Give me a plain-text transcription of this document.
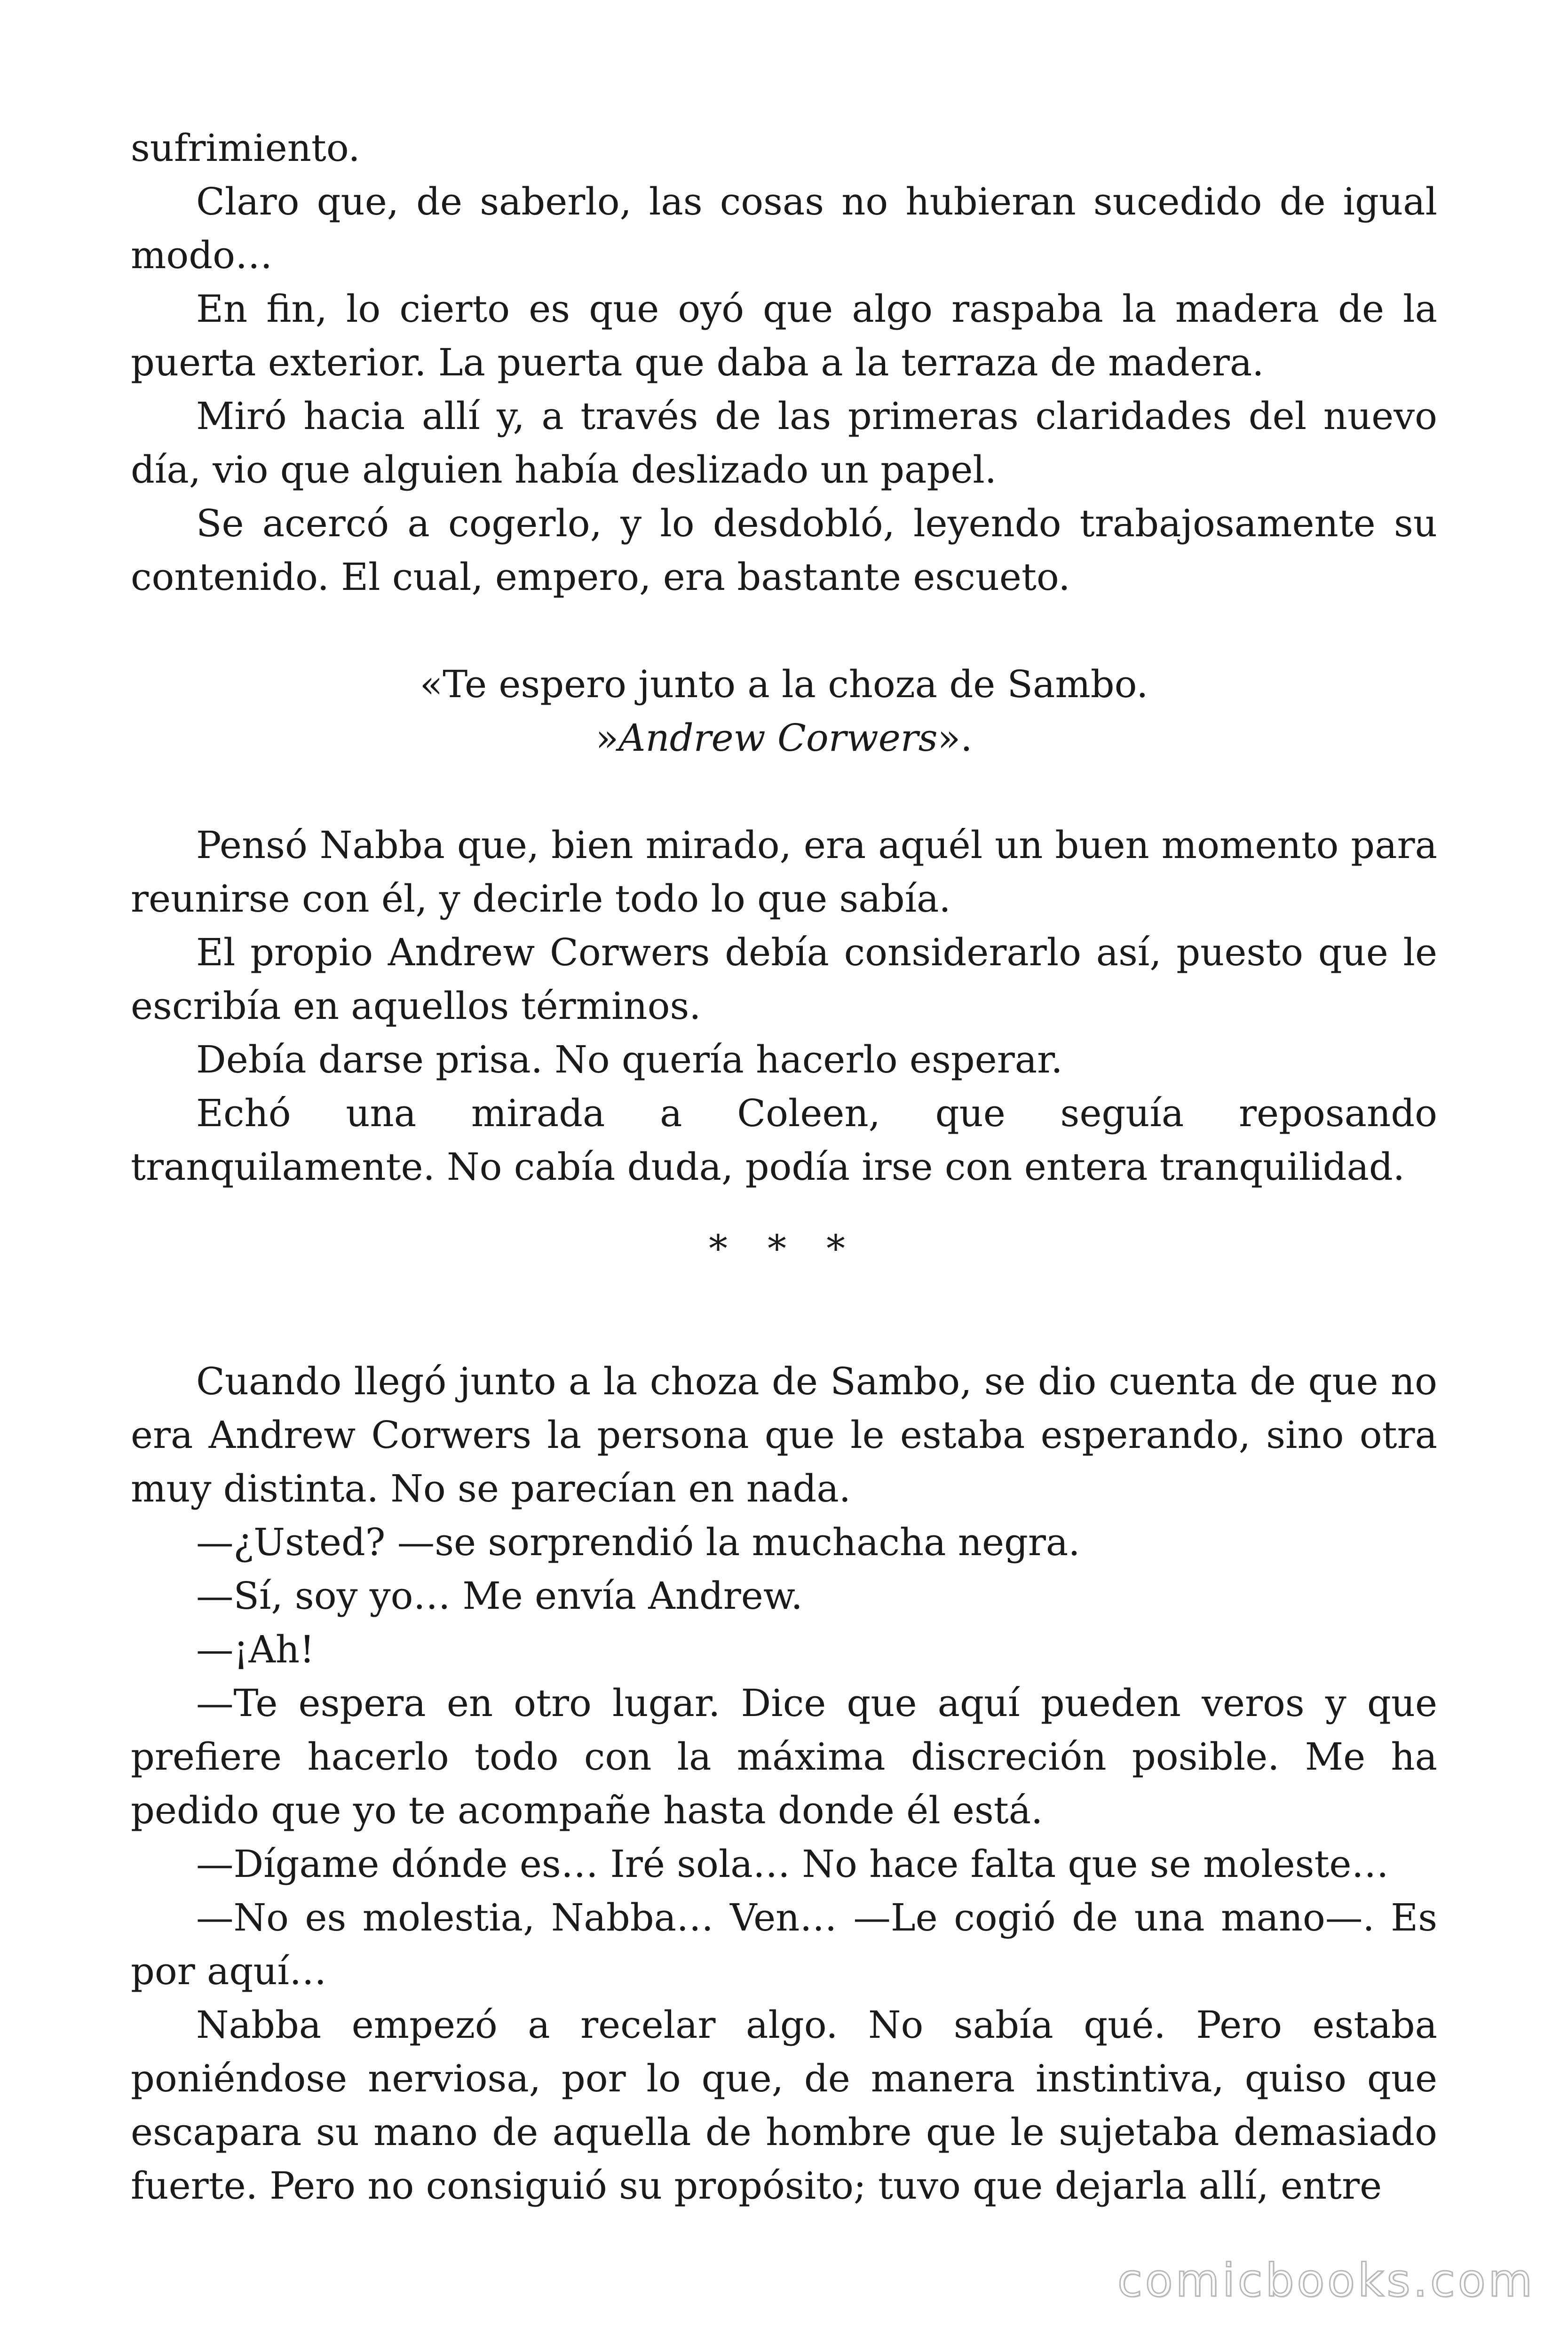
sufrimiento.

Claro que, de saberlo, las cosas no hubieran sucedido de igual modo…

En fin, lo cierto es que oyó que algo raspaba la madera de la puerta exterior. La puerta que daba a la terraza de madera.

Miró hacia allí y, a través de las primeras claridades del nuevo día, vio que alguien había deslizado un papel.

Se acercó a cogerlo, y lo desdobló, leyendo trabajosamente su contenido. El cual, empero, era bastante escueto.

«Te espero junto a la choza de Sambo.
»Andrew Corwers».

Pensó Nabba que, bien mirado, era aquél un buen momento para reunirse con él, y decirle todo lo que sabía.

El propio Andrew Corwers debía considerarlo así, puesto que le escribía en aquellos términos.

Debía darse prisa. No quería hacerlo esperar.

Echó una mirada a Coleen, que seguía reposando tranquilamente. No cabía duda, podía irse con entera tranquilidad.

* * *

Cuando llegó junto a la choza de Sambo, se dio cuenta de que no era Andrew Corwers la persona que le estaba esperando, sino otra muy distinta. No se parecían en nada.

—¿Usted? —se sorprendió la muchacha negra.

—Sí, soy yo… Me envía Andrew.

—¡Ah!

—Te espera en otro lugar. Dice que aquí pueden veros y que prefiere hacerlo todo con la máxima discreción posible. Me ha pedido que yo te acompañe hasta donde él está.

—Dígame dónde es… Iré sola… No hace falta que se moleste…

—No es molestia, Nabba… Ven… —Le cogió de una mano—. Es por aquí…

Nabba empezó a recelar algo. No sabía qué. Pero estaba poniéndose nerviosa, por lo que, de manera instintiva, quiso que escapara su mano de aquella de hombre que le sujetaba demasiado fuerte. Pero no consiguió su propósito; tuvo que dejarla allí, entre

comicbooks.com
